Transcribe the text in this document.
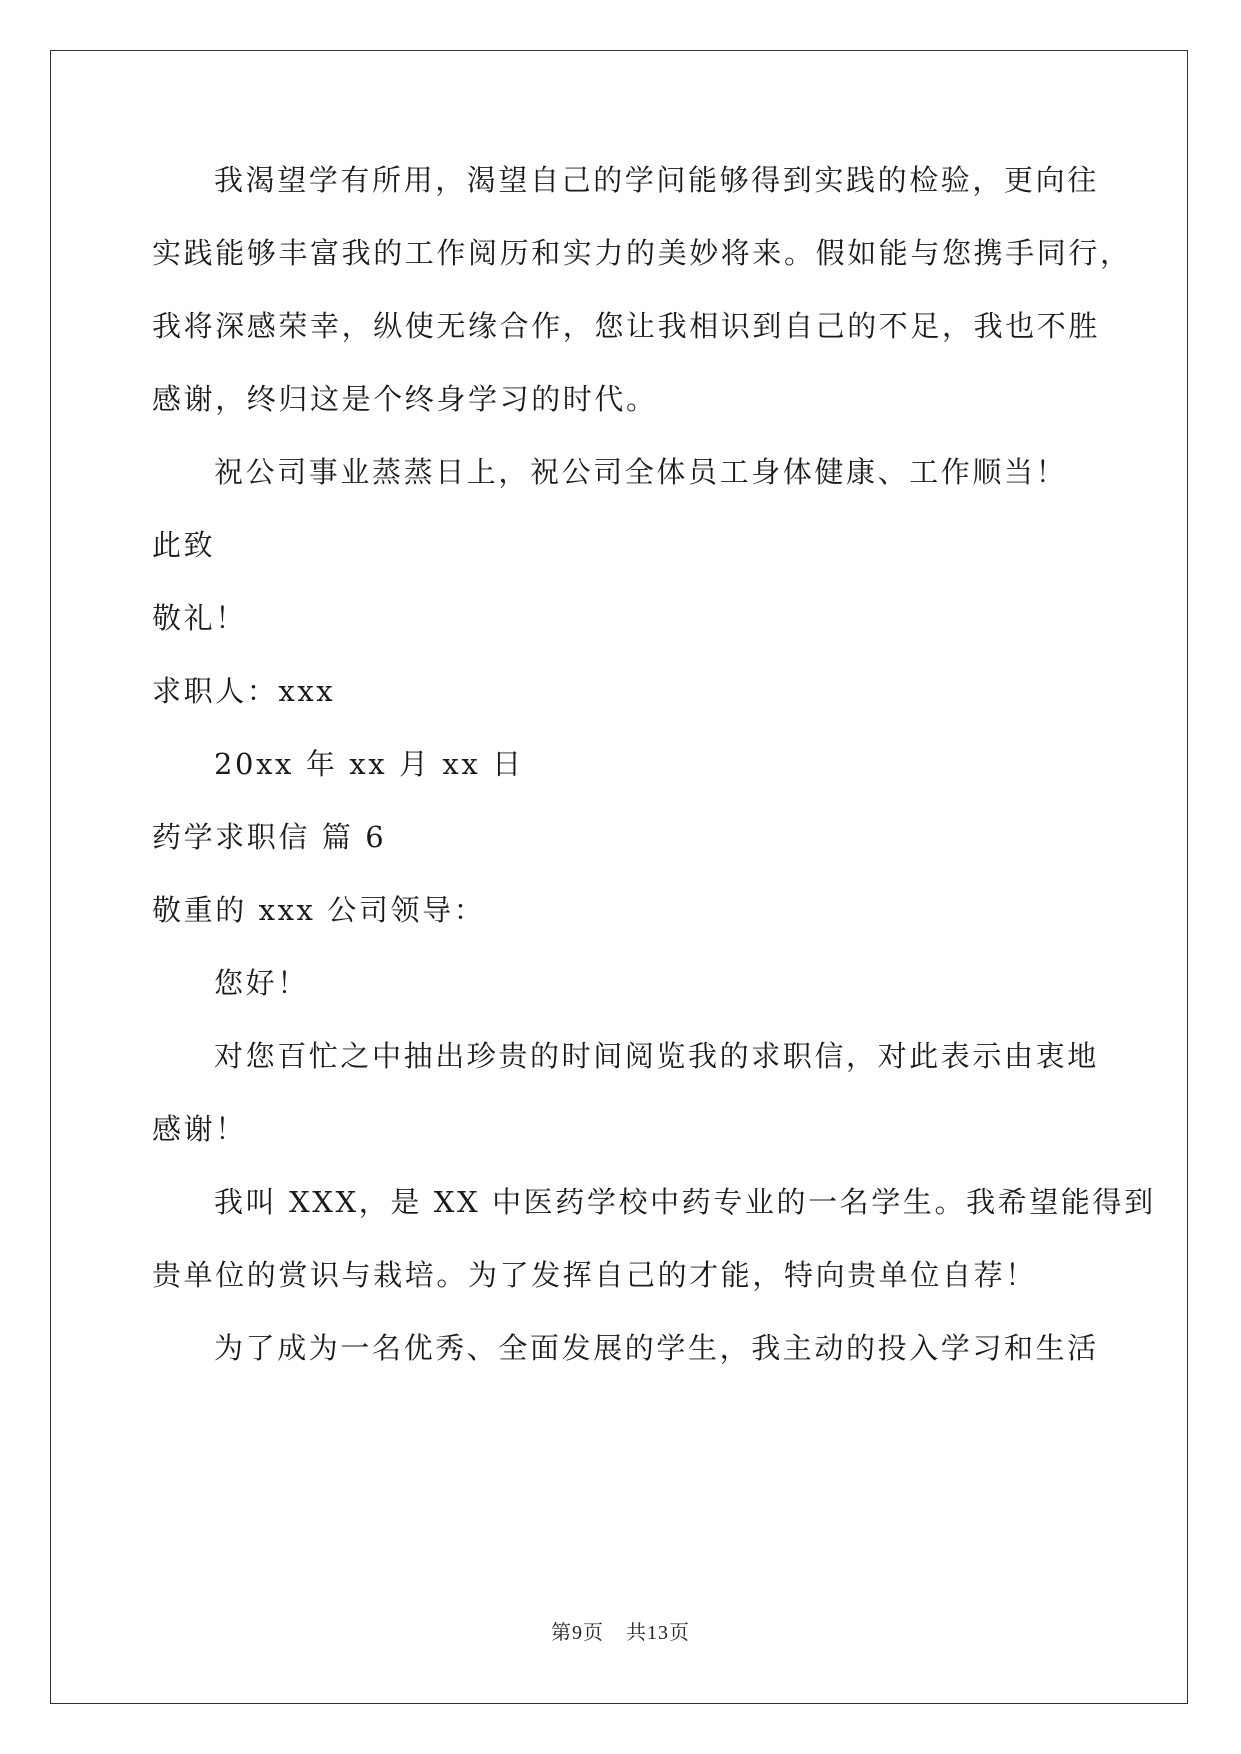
我渴望学有所用，渴望自己的学问能够得到实践的检验，更向往
实践能够丰富我的工作阅历和实力的美妙将来。假如能与您携手同行，
我将深感荣幸，纵使无缘合作，您让我相识到自己的不足，我也不胜
感谢，终归这是个终身学习的时代。
祝公司事业蒸蒸日上，祝公司全体员工身体健康、工作顺当！
此致
敬礼！
求职人：xxx
20xx 年 xx 月 xx 日
药学求职信 篇 6
敬重的 xxx 公司领导：
您好！
对您百忙之中抽出珍贵的时间阅览我的求职信，对此表示由衷地
感谢！
我叫 XXX，是 XX 中医药学校中药专业的一名学生。我希望能得到
贵单位的赏识与栽培。为了发挥自己的才能，特向贵单位自荐！
为了成为一名优秀、全面发展的学生，我主动的投入学习和生活
第9页   共13页
